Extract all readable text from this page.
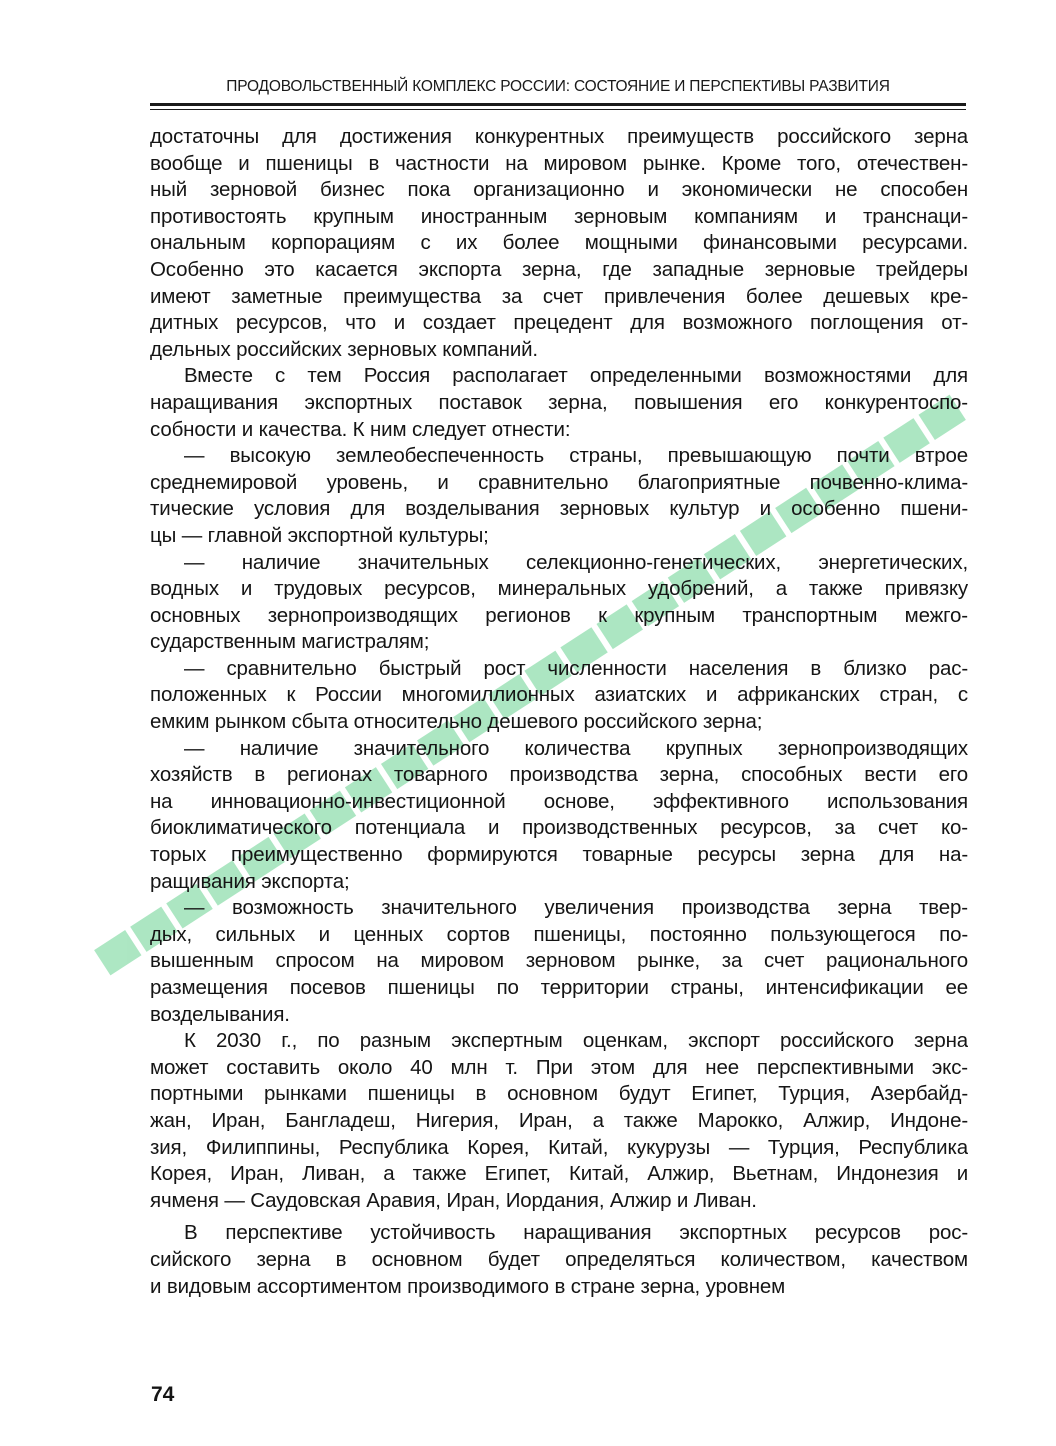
ПРОДОВОЛЬСТВЕННЫЙ КОМПЛЕКС РОССИИ: СОСТОЯНИЕ И ПЕРСПЕКТИВЫ РАЗВИТИЯ
достаточны для достижения конкурентных преимуществ российского зерна
вообще и пшеницы в частности на мировом рынке. Кроме того, отечествен-
ный зерновой бизнес пока организационно и экономически не способен
противостоять крупным иностранным зерновым компаниям и транснаци-
ональным корпорациям с их более мощными финансовыми ресурсами.
Особенно это касается экспорта зерна, где западные зерновые трейдеры
имеют заметные преимущества за счет привлечения более дешевых кре-
дитных ресурсов, что и создает прецедент для возможного поглощения от-
дельных российских зерновых компаний.
Вместе с тем Россия располагает определенными возможностями для
наращивания экспортных поставок зерна, повышения его конкурентоспо-
собности и качества. К ним следует отнести:
— высокую землеобеспеченность страны, превышающую почти втрое
среднемировой уровень, и сравнительно благоприятные почвенно-клима-
тические условия для возделывания зерновых культур и особенно пшени-
цы — главной экспортной культуры;
— наличие значительных селекционно-генетических, энергетических,
водных и трудовых ресурсов, минеральных удобрений, а также привязку
основных зернопроизводящих регионов к крупным транспортным межго-
сударственным магистралям;
— сравнительно быстрый рост численности населения в близко рас-
положенных к России многомиллионных азиатских и африканских стран, с
емким рынком сбыта относительно дешевого российского зерна;
— наличие значительного количества крупных зернопроизводящих
хозяйств в регионах товарного производства зерна, способных вести его
на инновационно-инвестиционной основе, эффективного использования
биоклиматического потенциала и производственных ресурсов, за счет ко-
торых преимущественно формируются товарные ресурсы зерна для на-
ращивания экспорта;
— возможность значительного увеличения производства зерна твер-
дых, сильных и ценных сортов пшеницы, постоянно пользующегося по-
вышенным спросом на мировом зерновом рынке, за счет рационального
размещения посевов пшеницы по территории страны, интенсификации ее
возделывания.
К 2030 г., по разным экспертным оценкам, экспорт российского зерна
может составить около 40 млн т. При этом для нее перспективными экс-
портными рынками пшеницы в основном будут Египет, Турция, Азербайд-
жан, Иран, Бангладеш, Нигерия, Иран, а также Марокко, Алжир, Индоне-
зия, Филиппины, Республика Корея, Китай, кукурузы — Турция, Республика
Корея, Иран, Ливан, а также Египет, Китай, Алжир, Вьетнам, Индонезия и
ячменя — Саудовская Аравия, Иран, Иордания, Алжир и Ливан.
В перспективе устойчивость наращивания экспортных ресурсов рос-
сийского зерна в основном будет определяться количеством, качеством
и видовым ассортиментом производимого в стране зерна, уровнем
74
